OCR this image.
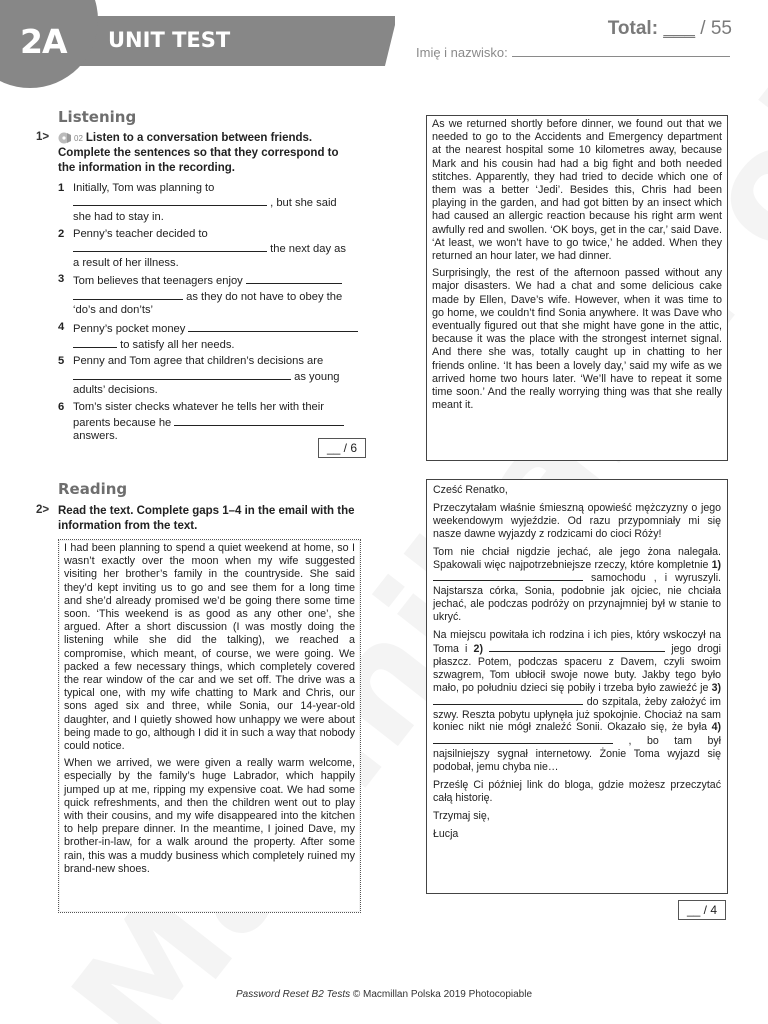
2A UNIT TEST	Total: ___ / 55
Imię i nazwisko:
Listening
1>	02 Listen to a conversation between friends. Complete the sentences so that they correspond to the information in the recording.
1 Initially, Tom was planning to
, but she said
she had to stay in.
2 Penny’s teacher decided to
the next day as
a result of her illness.
3 Tom believes that teenagers enjoy
as they do not have to obey the
‘do’s and don’ts’
4 Penny’s pocket money
to satisfy all her needs.
5 Penny and Tom agree that children’s decisions are
as young
adults’ decisions.
6 Tom’s sister checks whatever he tells her with their
parents because he
answers.
__ / 6
Reading
2> Read the text. Complete gaps 1–4 in the email with the information from the text.

I had been planning to spend a quiet weekend at home, so I wasn’t exactly over the moon when my wife suggested visiting her brother’s family in the countryside. She said they’d kept inviting us to go and see them for a long time and she’d already promised we’d be going there some time soon. ‘This weekend is as good as any other one’, she argued. After a short discussion (I was mostly doing the listening while she did the talking), we reached a compromise, which meant, of course, we were going. We packed a few necessary things, which completely covered the rear window of the car and we set off. The drive was a typical one, with my wife chatting to Mark and Chris, our sons aged six and three, while Sonia, our 14-year-old daughter, and I quietly showed how unhappy we were about being made to go, although I did it in such a way that nobody could notice.

When we arrived, we were given a really warm welcome, especially by the family’s huge Labrador, which happily jumped up at me, ripping my expensive coat. We had some quick refreshments, and then the children went out to play with their cousins, and my wife disappeared into the kitchen to help prepare dinner. In the meantime, I joined Dave, my brother-in-law, for a walk around the property. After some rain, this was a muddy business which completely ruined my brand-new shoes.

As we returned shortly before dinner, we found out that we needed to go to the Accidents and Emergency department at the nearest hospital some 10 kilometres away, because Mark and his cousin had had a big fight and both needed stitches. Apparently, they had tried to decide which one of them was a better ‘Jedi’. Besides this, Chris had been playing in the garden, and had got bitten by an insect which had caused an allergic reaction because his right arm went awfully red and swollen. ‘OK boys, get in the car,’ said Dave. ‘At least, we won’t have to go twice,’ he added. When they returned an hour later, we had dinner.

Surprisingly, the rest of the afternoon passed without any major disasters. We had a chat and some delicious cake made by Ellen, Dave’s wife. However, when it was time to go home, we couldn’t find Sonia anywhere. It was Dave who eventually figured out that she might have gone in the attic, because it was the place with the strongest internet signal. And there she was, totally caught up in chatting to her friends online. ‘It has been a lovely day,’ said my wife as we arrived home two hours later. ‘We’ll have to repeat it some time soon.’ And the really worrying thing was that she really meant it.

Cześć Renatko,

Przeczytałam właśnie śmieszną opowieść mężczyzny o jego weekendowym wyjeździe. Od razu przypomniały mi się nasze dawne wyjazdy z rodzicami do cioci Róży!

Tom nie chciał nigdzie jechać, ale jego żona nalegała. Spakowali więc najpotrzebniejsze rzeczy, które kompletnie 1)  samochodu , i wyruszyli. Najstarsza córka, Sonia, podobnie jak ojciec, nie chciała jechać, ale podczas podróży on przynajmniej był w stanie to ukryć.

Na miejscu powitała ich rodzina i ich pies, który wskoczył na Toma i 2)	jego drogi płaszcz. Potem, podczas spaceru z Davem, czyli swoim szwagrem, Tom ubłocił swoje nowe buty. Jakby tego było mało, po południu dzieci się pobiły i trzeba było zawieźć je 3)  do szpitala, żeby założyć im szwy. Reszta pobytu upłynęła już spokojnie. Chociaż na sam koniec nikt nie mógł znaleźć Sonii. Okazało się, że była 4)  , bo tam był najsilniejszy sygnał internetowy. Żonie Toma wyjazd się podobał, jemu chyba nie…

Prześlę Ci później link do bloga, gdzie możesz przeczytać całą historię.

Trzymaj się,

Łucja

__ / 4
Password Reset B2 Tests © Macmillan Polska 2019 Photocopiable
